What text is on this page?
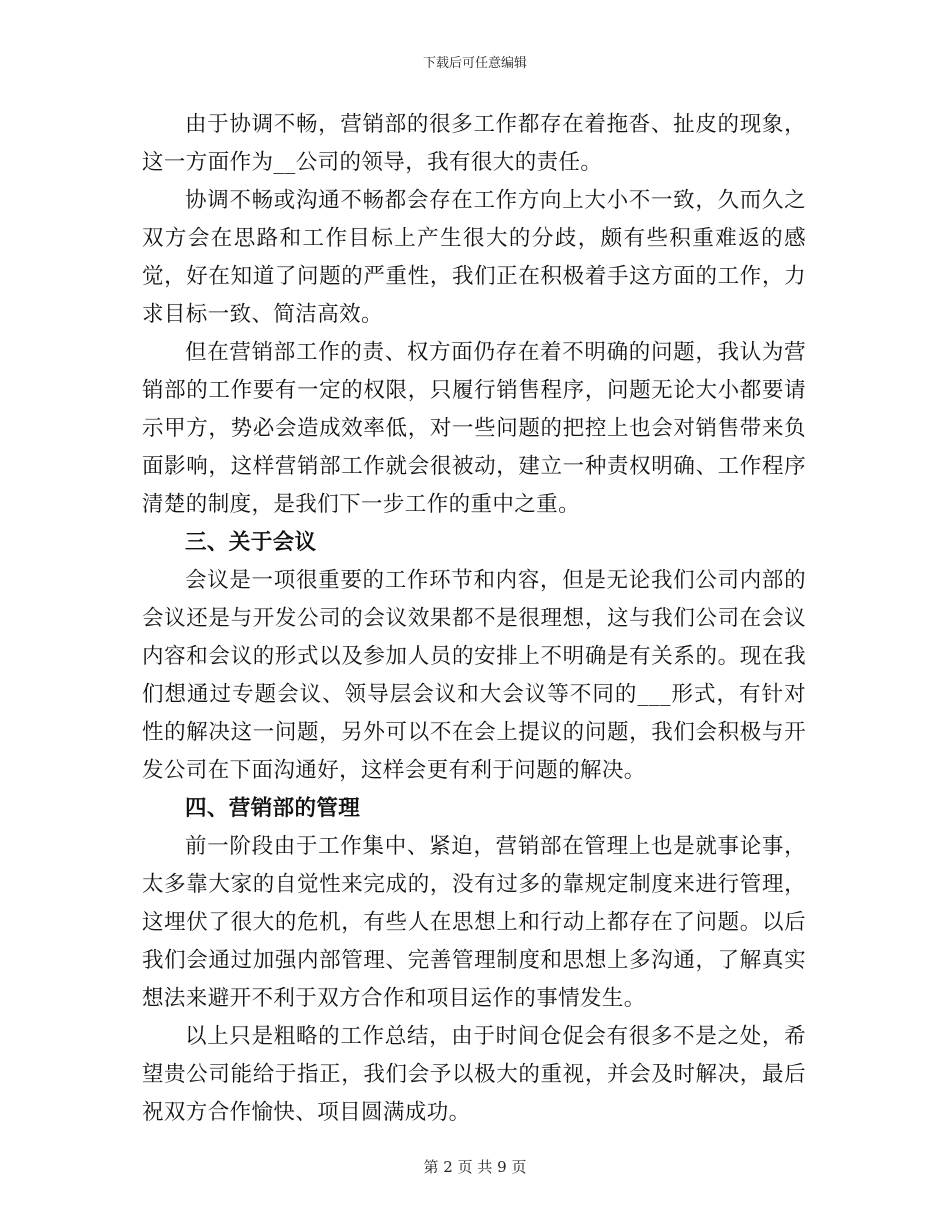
下载后可任意编辑

由于协调不畅，营销部的很多工作都存在着拖沓、扯皮的现象，这一方面作为__公司的领导，我有很大的责任。

协调不畅或沟通不畅都会存在工作方向上大小不一致，久而久之双方会在思路和工作目标上产生很大的分歧，颇有些积重难返的感觉，好在知道了问题的严重性，我们正在积极着手这方面的工作，力求目标一致、简洁高效。

但在营销部工作的责、权方面仍存在着不明确的问题，我认为营销部的工作要有一定的权限，只履行销售程序，问题无论大小都要请示甲方，势必会造成效率低，对一些问题的把控上也会对销售带来负面影响，这样营销部工作就会很被动，建立一种责权明确、工作程序清楚的制度，是我们下一步工作的重中之重。

三、关于会议

会议是一项很重要的工作环节和内容，但是无论我们公司内部的会议还是与开发公司的会议效果都不是很理想，这与我们公司在会议内容和会议的形式以及参加人员的安排上不明确是有关系的。现在我们想通过专题会议、领导层会议和大会议等不同的___形式，有针对性的解决这一问题，另外可以不在会上提议的问题，我们会积极与开发公司在下面沟通好，这样会更有利于问题的解决。

四、营销部的管理

前一阶段由于工作集中、紧迫，营销部在管理上也是就事论事，太多靠大家的自觉性来完成的，没有过多的靠规定制度来进行管理，这埋伏了很大的危机，有些人在思想上和行动上都存在了问题。以后我们会通过加强内部管理、完善管理制度和思想上多沟通，了解真实想法来避开不利于双方合作和项目运作的事情发生。

以上只是粗略的工作总结，由于时间仓促会有很多不是之处，希望贵公司能给于指正，我们会予以极大的重视，并会及时解决，最后祝双方合作愉快、项目圆满成功。

第 2 页 共 9 页
